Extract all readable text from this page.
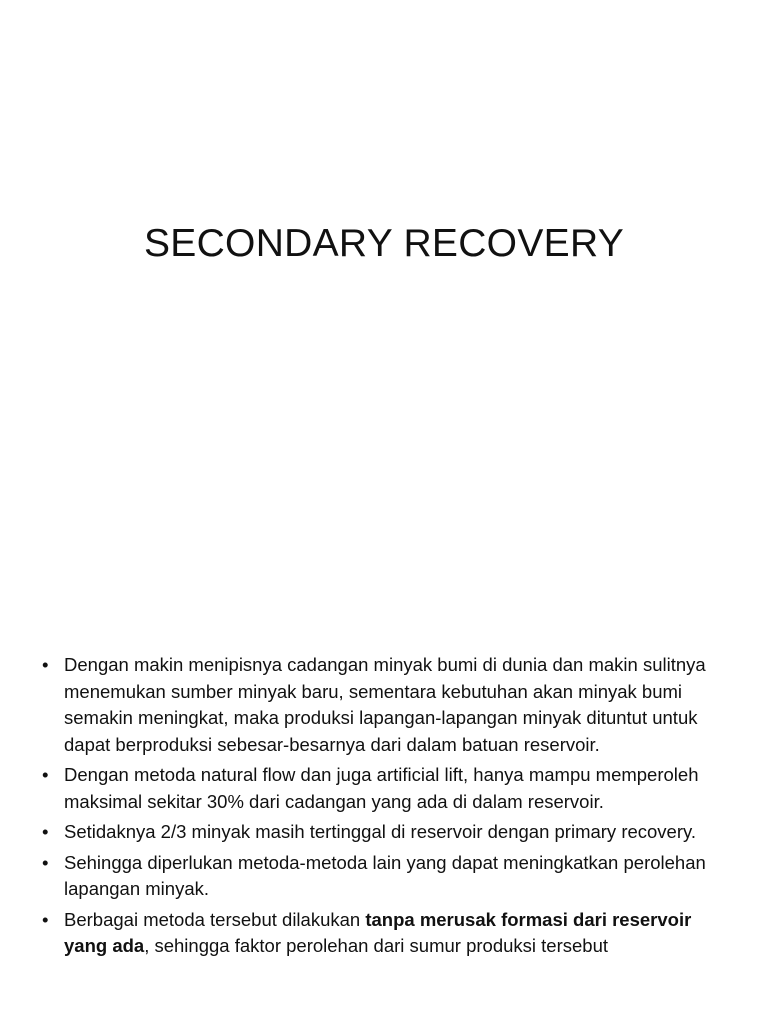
SECONDARY RECOVERY
• Dengan makin menipisnya cadangan minyak bumi di dunia dan makin sulitnya menemukan sumber minyak baru, sementara kebutuhan akan minyak bumi semakin meningkat, maka produksi lapangan-lapangan minyak dituntut untuk dapat berproduksi sebesar-besarnya dari dalam batuan reservoir.
• Dengan metoda natural flow dan juga artificial lift, hanya mampu memperoleh maksimal sekitar 30% dari cadangan yang ada di dalam reservoir.
• Setidaknya 2/3 minyak masih tertinggal di reservoir dengan primary recovery.
• Sehingga diperlukan metoda-metoda lain yang dapat meningkatkan perolehan lapangan minyak.
• Berbagai metoda tersebut dilakukan tanpa merusak formasi dari reservoir yang ada, sehingga faktor perolehan dari sumur produksi tersebut
